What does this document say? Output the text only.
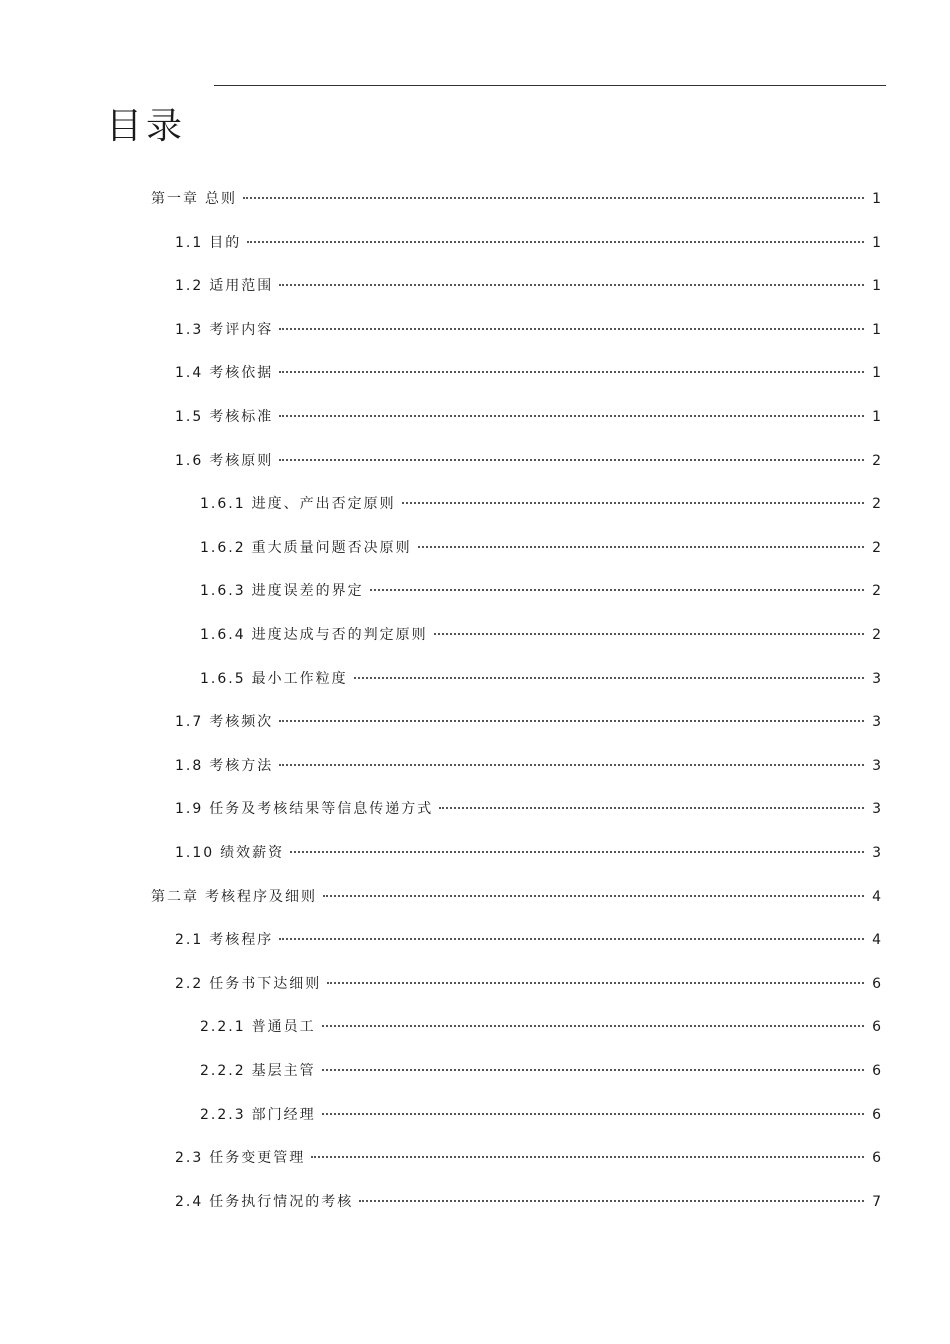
目录
第一章 总则	1
1.1 目的	1
1.2 适用范围	1
1.3 考评内容	1
1.4 考核依据	1
1.5 考核标准	1
1.6 考核原则	2
1.6.1 进度、产出否定原则	2
1.6.2 重大质量问题否决原则	2
1.6.3 进度误差的界定	2
1.6.4 进度达成与否的判定原则	2
1.6.5 最小工作粒度	3
1.7 考核频次	3
1.8 考核方法	3
1.9 任务及考核结果等信息传递方式	3
1.10 绩效薪资	3
第二章 考核程序及细则	4
2.1 考核程序	4
2.2 任务书下达细则	6
2.2.1 普通员工	6
2.2.2 基层主管	6
2.2.3 部门经理	6
2.3 任务变更管理	6
2.4 任务执行情况的考核	7
